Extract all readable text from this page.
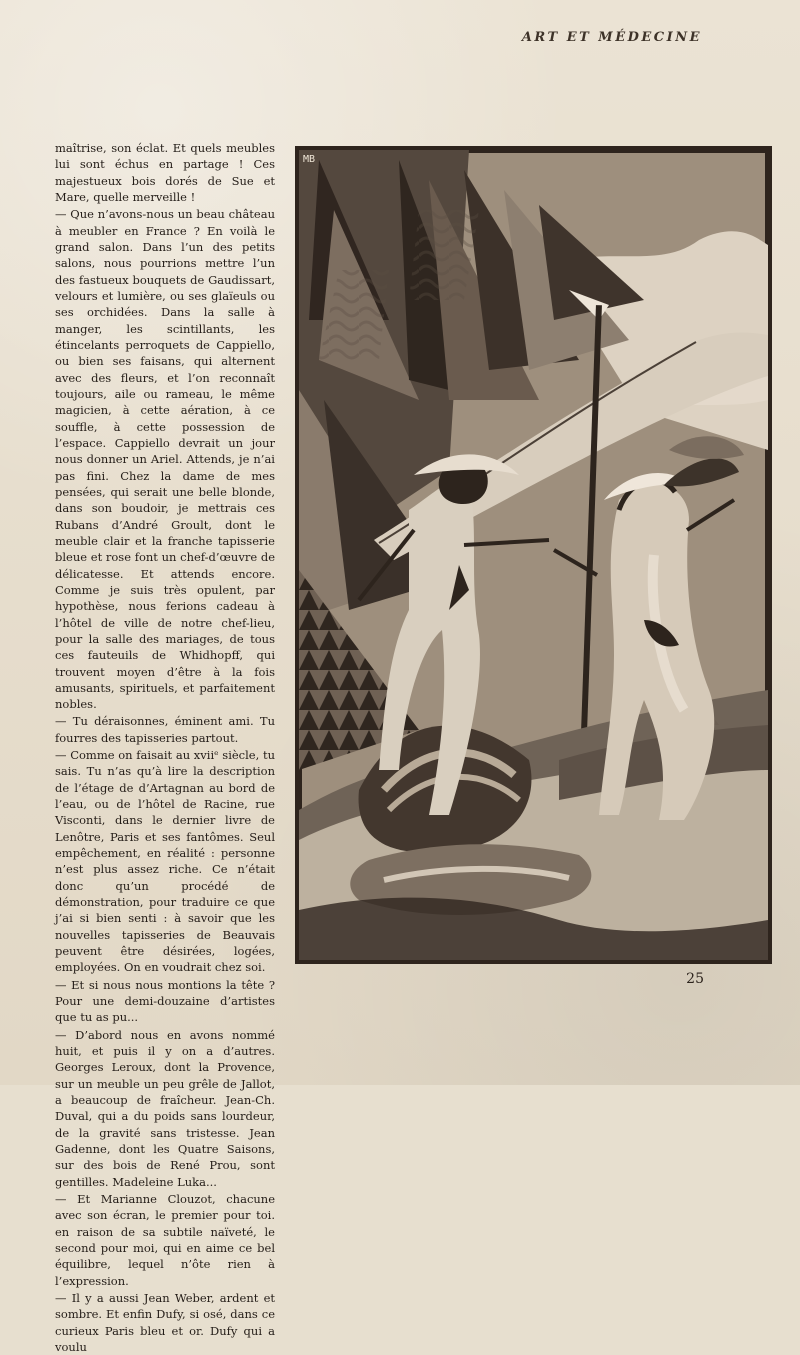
ART ET MÉDECINE

maîtrise, son éclat. Et quels meubles lui sont échus en partage ! Ces majestueux bois dorés de Sue et Mare, quelle merveille !

— Que n’avons-nous un beau château à meubler en France ? En voilà le grand salon. Dans l’un des petits salons, nous pourrions mettre l’un des fastueux bouquets de Gaudissart, velours et lumière, ou ses glaïeuls ou ses orchidées. Dans la salle à manger, les scintillants, les étincelants perroquets de Cappiello, ou bien ses faisans, qui alternent avec des fleurs, et l’on reconnaît toujours, aile ou rameau, le même magicien, à cette aération, à ce souffle, à cette possession de l’espace. Cappiello devrait un jour nous donner un Ariel. Attends, je n’ai pas fini. Chez la dame de mes pensées, qui serait une belle blonde, dans son boudoir, je mettrais ces Rubans d’André Groult, dont le meuble clair et la franche tapisserie bleue et rose font un chef-d’œuvre de délicatesse. Et attends encore. Comme je suis très opulent, par hypothèse, nous ferions cadeau à l’hôtel de ville de notre chef-lieu, pour la salle des mariages, de tous ces fauteuils de Whidhopff, qui trouvent moyen d’être à la fois amusants, spirituels, et parfaitement nobles.

— Tu déraisonnes, éminent ami. Tu fourres des tapisseries partout.

— Comme on faisait au xviiᵉ siècle, tu sais. Tu n’as qu’à lire la description de l’étage de d’Artagnan au bord de l’eau, ou de l’hôtel de Racine, rue Visconti, dans le dernier livre de Lenôtre, Paris et ses fantômes. Seul empêchement, en réalité : personne n’est plus assez riche. Ce n’était donc qu’un procédé de démonstration, pour traduire ce que j’ai si bien senti : à savoir que les nouvelles tapisseries de Beauvais peuvent être désirées, logées, employées. On en voudrait chez soi.

— Et si nous nous montions la tête ? Pour une demi-douzaine d’artistes que tu as pu...

— D’abord nous en avons nommé huit, et puis il y on a d’autres. Georges Leroux, dont la Provence, sur un meuble un peu grêle de Jallot, a beaucoup de fraîcheur. Jean-Ch. Duval, qui a du poids sans lourdeur, de la gravité sans tristesse. Jean Gadenne, dont les Quatre Saisons, sur des bois de René Prou, sont gentilles. Madeleine Luka...

— Et Marianne Clouzot, chacune avec son écran, le premier pour toi. en raison de sa subtile naïveté, le second pour moi, qui en aime ce bel équilibre, lequel n’ôte rien à l’expression.

— Il y a aussi Jean Weber, ardent et sombre. Et enfin Dufy, si osé, dans ce curieux Paris bleu et or. Dufy qui a voulu

MB
25
